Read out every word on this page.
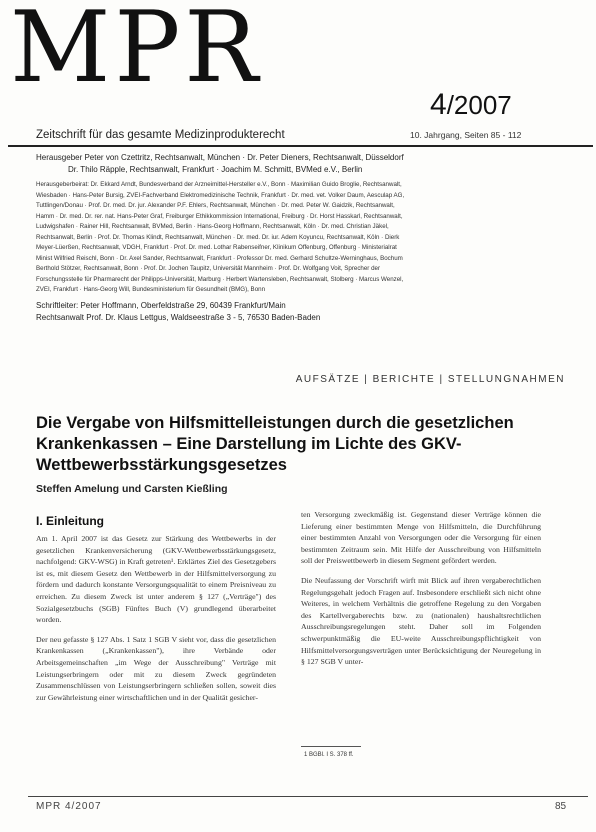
MPR	4/2007
Zeitschrift für das gesamte Medizinprodukterecht	10. Jahrgang, Seiten 85 - 112
Herausgeber Peter von Czettritz, Rechtsanwalt, München · Dr. Peter Dieners, Rechtsanwalt, Düsseldorf
Dr. Thilo Räpple, Rechtsanwalt, Frankfurt · Joachim M. Schmitt, BVMed e.V., Berlin
Herausgeberbeirat: Dr. Ekkard Arndt, Bundesverband der Arzneimittel-Hersteller e.V., Bonn · Maximilian Guido Broglie, Rechtsanwalt,
Wiesbaden · Hans-Peter Bursig, ZVEI-Fachverband Elektromedizinische Technik, Frankfurt · Dr. med. vet. Volker Daum, Aesculap AG,
Tuttlingen/Donau · Prof. Dr. med. Dr. jur. Alexander P.F. Ehlers, Rechtsanwalt, München · Dr. med. Peter W. Gaidzik, Rechtsanwalt,
Hamm · Dr. med. Dr. rer. nat. Hans-Peter Graf, Freiburger Ethikkommission International, Freiburg · Dr. Horst Hasskarl, Rechtsanwalt,
Ludwigshafen · Rainer Hill, Rechtsanwalt, BVMed, Berlin · Hans-Georg Hoffmann, Rechtsanwalt, Köln · Dr. med. Christian Jäkel,
Rechtsanwalt, Berlin · Prof. Dr. Thomas Klindt, Rechtsanwalt, München · Dr. med. Dr. iur. Adem Koyuncu, Rechtsanwalt, Köln · Dierk
Meyer-Lüerßen, Rechtsanwalt, VDGH, Frankfurt · Prof. Dr. med. Lothar Rabenseifner, Klinikum Offenburg, Offenburg · Ministerialrat
Minist Wilfried Reischl, Bonn · Dr. Axel Sander, Rechtsanwalt, Frankfurt · Professor Dr. med. Gerhard Schultze-Werninghaus, Bochum
Berthold Stötzer, Rechtsanwalt, Bonn · Prof. Dr. Jochen Taupitz, Universität Mannheim · Prof. Dr. Wolfgang Voit, Sprecher der
Forschungsstelle für Pharmarecht der Philipps-Universität, Marburg · Herbert Wartensleben, Rechtsanwalt, Stolberg · Marcus Wenzel,
ZVEI, Frankfurt · Hans-Georg Will, Bundesministerium für Gesundheit (BMG), Bonn
Schriftleiter: Peter Hoffmann, Oberfeldstraße 29, 60439 Frankfurt/Main
Rechtsanwalt Prof. Dr. Klaus Lettgus, Waldseestraße 3 - 5, 76530 Baden-Baden
AUFSÄTZE | BERICHTE | STELLUNGNAHMEN
Die Vergabe von Hilfsmittelleistungen durch die gesetzlichen Krankenkassen – Eine Darstellung im Lichte des GKV-Wettbewerbsstärkungsgesetzes
Steffen Amelung und Carsten Kießling
I. Einleitung

Am 1. April 2007 ist das Gesetz zur Stärkung des Wettbewerbs in der gesetzlichen Krankenversicherung (GKV-Wettbewerbsstärkungsgesetz, nachfolgend: GKV-WSG) in Kraft getreten¹. Erklärtes Ziel des Gesetzgebers ist es, mit diesem Gesetz den Wettbewerb in der Hilfsmittelversorgung zu fördern und dadurch konstante Versorgungsqualität to einem Preisniveau zu erreichen. Zu diesem Zweck ist unter anderem § 127 („Verträge") des Sozialgesetzbuchs (SGB) Fünftes Buch (V) grundlegend überarbeitet worden.

Der neu gefasste § 127 Abs. 1 Satz 1 SGB V sieht vor, dass die gesetzlichen Krankenkassen („Krankenkassen"), ihre Verbände oder Arbeitsgemeinschaften „im Wege der Ausschreibung" Verträge mit Leistungserbringern oder mit zu diesem Zweck gegründeten Zusammenschlüssen von Leistungserbringern schließen sollen, soweit dies zur Gewährleistung einer wirtschaftlichen und in der Qualität gesicher-

ten Versorgung zweckmäßig ist. Gegenstand dieser Verträge können die Lieferung einer bestimmten Menge von Hilfsmitteln, die Durchführung einer bestimmten Anzahl von Versorgungen oder die Versorgung für einen bestimmten Zeitraum sein. Mit Hilfe der Ausschreibung von Hilfsmitteln soll der Preiswettbewerb in diesem Segment gefördert werden.

Die Neufassung der Vorschrift wirft mit Blick auf ihren vergaberechtlichen Regelungsgehalt jedoch Fragen auf. Insbesondere erschließt sich nicht ohne Weiteres, in welchem Verhältnis die getroffene Regelung zu den Vorgaben des Kartellvergaberechts bzw. zu (nationalen) haushaltsrechtlichen Ausschreibungsregelungen steht. Daher soll im Folgenden schwerpunktmäßig die EU-weite Ausschreibungspflichtigkeit von Hilfsmittelversorgungsverträgen unter Berücksichtigung der Neuregelung in § 127 SGB V unter-

1 BGBl. I S. 378 ff.
MPR 4/2007	85
